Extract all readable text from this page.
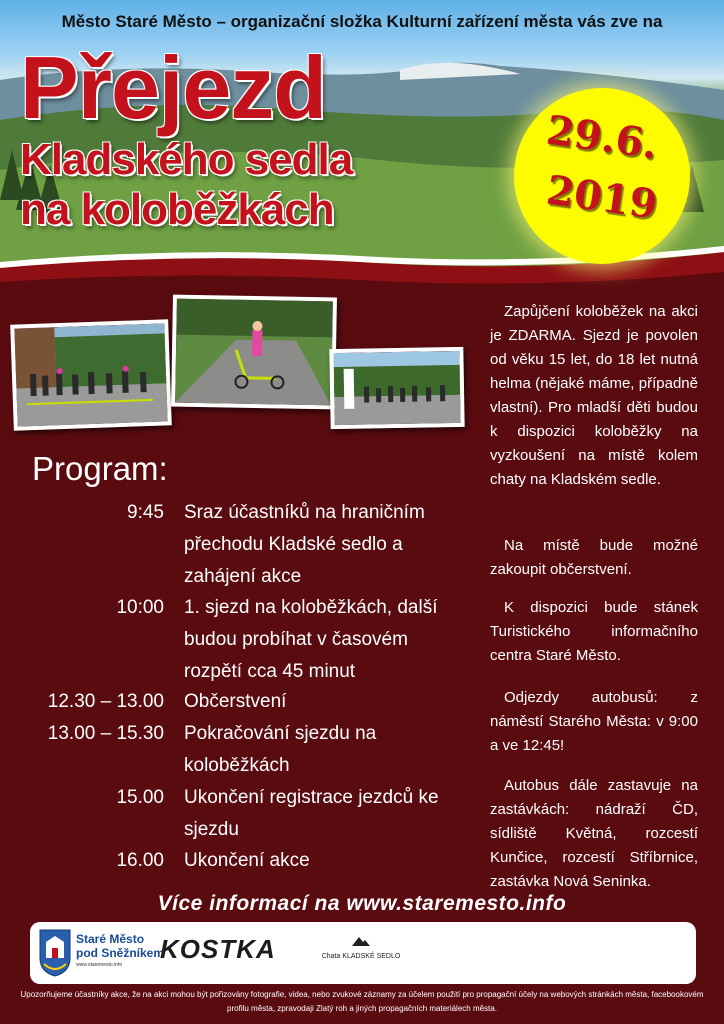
Město Staré Město – organizační složka Kulturní zařízení města vás zve na
Přejezd
Kladského sedla
na koloběžkách
29.6.
2019
Program:
9:45 Sraz účastníků na hraničním
přechodu Kladské sedlo a
zahájení akce
10:00 1. sjezd na koloběžkách, další
budou probíhat v časovém
rozpětí cca 45 minut
12.30 – 13.00 Občerstvení
13.00 – 15.30 Pokračování sjezdu na
koloběžkách
15.00 Ukončení registrace jezdců ke
sjezdu
16.00 Ukončení akce
Zapůjčení koloběžek na akci je ZDARMA. Sjezd je povolen od věku 15 let, do 18 let nutná helma (nějaké máme, případně vlastní). Pro mladší děti budou k dispozici koloběžky na vyzkoušení na místě kolem chaty na Kladském sedle.
Na místě bude možné zakoupit občerstvení.
K dispozici bude stánek Turistického informačního centra Staré Město.
Odjezdy autobusů: z náměstí Starého Města: v 9:00 a ve 12:45!
Autobus dále zastavuje na zastávkách: nádraží ČD, sídliště Květná, rozcestí Kunčice, rozcestí Stříbrnice, zastávka Nová Seninka.
Více informací na www.staremesto.info
Staré Město
pod Sněžníkem
www.staremesto.info
KOSTKA	Chata KLADSKÉ SEDLO
Upozorňujeme účastníky akce, že na akci mohou být pořizovány fotografie, videa, nebo zvukové záznamy za účelem použití pro propagační účely na webových stránkách města, facebookovém profilu města, zpravodaji Zlatý roh a jiných propagačních materiálech města.
